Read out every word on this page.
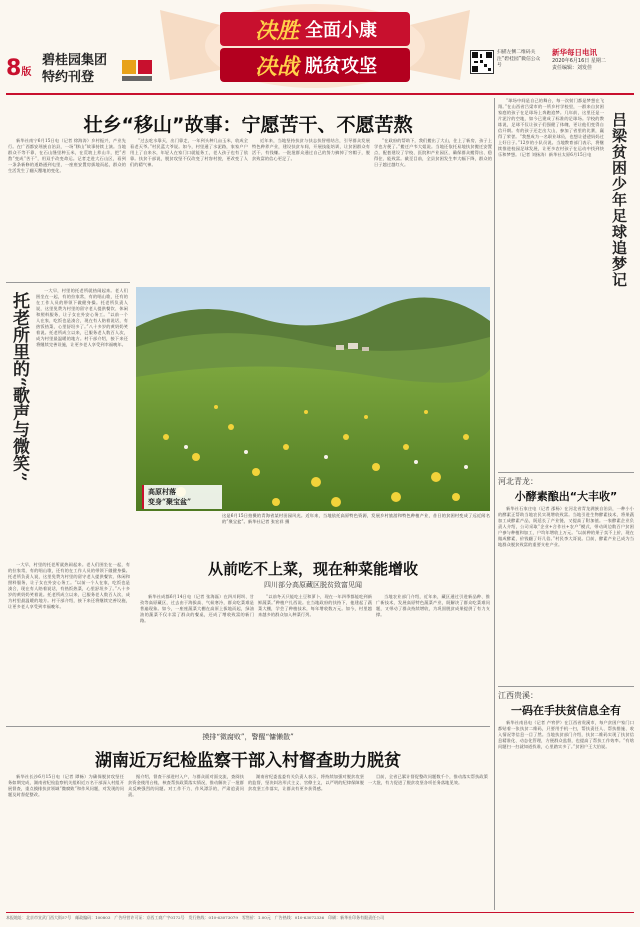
8版
碧桂园集团
特约刊登
决胜 全面小康
决战 脱贫攻坚
扫描左侧二维码关注“碧桂园”微信公众号
新华每日电讯
2020年6月16日 星期二
责任编辑：刘发佳
壮乡“移山”故事：宁愿苦干、不愿苦熬

新华社南宁6月15日电（记者 徐海涛）乡村振兴，产业先行。在广西都安瑶族自治县，一场“移山”故事持续上演。当地群众不等不靠，在石山缝里种玉米，在荒坡上养山羊，把“苦熬”变成“苦干”，用双手改变命运。记者走进大石山区，看到一条条新修的道路通到屯里，一座座安置房拔地而起，群众的生活发生了翻天覆地的变化。

“过去吃水靠天，出门靠走，一年到头种几亩玉米，收成全看老天爷。”村民蓝大爷说。如今，村里通了水泥路，家家户户用上了自来水，年轻人在家门口就能务工，老人孩子也有了依靠。扶贫干部说，脱贫攻坚不仅改变了村容村貌，更改变了人们的精气神。

近年来，当地坚持扶贫与扶志扶智相结合，引导群众发展特色种养产业，建设扶贫车间，开展技能培训，让贫困群众有活干、有钱赚。一批批群众通过自己的努力摘掉了穷帽子，脱贫致富的信心更足了。

“在政府的帮助下，我们搬出了大山，住上了新房，孩子上学也方便了。”搬迁户韦大姐说。当地还依托易地扶贫搬迁安置点，配套建设了学校、医院和产业园区，确保群众搬得出、稳得住、能致富。截至目前，全县贫困发生率大幅下降，群众的日子越过越红火。

托老所里的“歌声与微笑”

一大早，村里的托老所就热闹起来。老人们围坐在一起，有的拉家常，有的唱山歌，还有的在工作人员的带领下做健身操。托老所负责人说，这里免费为村里的留守老人提供餐饮、休闲和照料服务，让子女在外安心务工。“以前一个人在家，吃饭也是凑合，现在有人陪着说话，有热饭热菜，心里舒坦多了。”八十多岁的黄奶奶笑着说。托老所成立以来，已服务老人数百人次，成为村里最温暖的地方。村干部介绍，接下来还将继续完善设施，让更多老人享受到幸福晚年。

高原村落
变身“聚宝盆”
这是6月15日拍摄的青海省某村田园风光。近年来，当地依托高原特色资源，发展乡村旅游和特色种植产业，昔日的贫困村变成了远近闻名的“聚宝盆”。新华社记者 张宏祥 摄
从前吃不上菜，现在种菜能增收
四川部分高原藏区脱贫致富见闻

新华社成都6月14日电（记者 张海磊）在四川阿坝、甘孜等高原藏区，过去由于海拔高、气候寒冷，群众吃菜难是普遍现象。如今，一座座蔬菜大棚在高原上拔地而起，绿油油的蔬菜不仅丰富了群众的餐桌，还成了增收致富的新门路。

“以前冬天只能吃土豆和萝卜，现在一年四季都能吃到新鲜蔬菜。”种植户扎西说。在当地政府的扶持下，他建起了蔬菜大棚，学会了种植技术，每年增收数万元。如今，村里越来越多的群众加入种菜行列。

当地农业部门介绍，近年来，藏区通过引进新品种、推广新技术，发展高原特色蔬菜产业，既解决了群众吃菜难问题，又带动了群众持续增收，为巩固脱贫成果提供了有力支撑。

一大早，村里的托老所就热闹起来。老人们围坐在一起，有的拉家常，有的唱山歌，还有的在工作人员的带领下做健身操。托老所负责人说，这里免费为村里的留守老人提供餐饮、休闲和照料服务，让子女在外安心务工。“以前一个人在家，吃饭也是凑合，现在有人陪着说话，有热饭热菜，心里舒坦多了。”八十多岁的黄奶奶笑着说。托老所成立以来，已服务老人数百人次，成为村里最温暖的地方。村干部介绍，接下来还将继续完善设施，让更多老人享受到幸福晚年。

摸排“微腐败”，警醒“慵懒散”
湖南近万纪检监察干部入村督查助力脱贫

新华社长沙6月15日电（记者 谭畅）为确保脱贫攻坚任务如期完成，湖南省纪检监察机关组织近万名干部深入村组开展督查，重点摸排扶贫领域“微腐败”和作风问题，对发现的问题及时督促整改。

据介绍，督查干部进村入户，与群众面对面交流，查阅扶贫资金使用台账，核查帮扶政策落实情况，推动解决了一批群众反映强烈的问题。对工作不力、作风漂浮的，严肃追责问责。

湖南省纪委监委有关负责人表示，将持续加强对脱贫攻坚的监督，坚决纠治形式主义、官僚主义，以严明的纪律保障脱贫攻坚工作落实，让群众有更多获得感。

目前，全省已累计督促整改问题数千个，推动落实帮扶政策一大批，有力促进了脱贫攻坚各项任务落地见效。

“球场中间是自己的舞台，每一次射门都是梦想在飞翔。”在山西省吕梁市的一所乡村学校里，一群来自贫困家庭的孩子在足球场上奔跑追梦。几年前，这里还是一片泥泞的空地，如今已建成了标准的足球场。学校的教练说，足球不仅让孩子们强健了体魄，更让他们变得自信开朗。有的孩子还走出大山，参加了省里的比赛，赢得了荣誉。“我想成为一名职业球员，也想让爸爸妈妈过上好日子。”12岁的小队员说。当地教育部门表示，将继续推进校园足球发展，让更多农村孩子在运动中找到快乐和梦想。（记者 刘扬涛）新华社太原6月15日电	吕梁贫困少年足球追梦记
河北青龙：
小酵素酿出“大丰收”

新华社石家庄电（记者 邵杨）在河北省青龙满族自治县，一种小小的酵素正帮助当地农民实现增收致富。当地引进生物酵素技术，将果蔬加工成酵素产品，既延长了产业链，又提高了附加值。一家酵素企业负责人介绍，公司采取“企业+合作社+农户”模式，带动周边数百户贫困户参与种植和加工，户均年增收上万元。“以前种的果子卖不上价，现在做成酵素，价钱翻了好几倍。”村民李大哥说。目前，酵素产业已成为当地群众脱贫致富的重要支柱产业。

江西贵溪：
一码在手扶贫信息全有

新华社南昌电（记者 卢宥伊）在江西省贵溪市，每户贫困户家门口都贴着一张扶贫二维码，只要用手机一扫，帮扶责任人、帮扶措施、收入情况等信息一目了然。当地扶贫部门介绍，扶贫二维码实现了扶贫信息精准化、动态化管理，方便群众监督，也提高了帮扶工作效率。“有啥问题扫一扫就知道找谁，心里踏实多了。”贫困户王大伯说。

本报地址：北京市宣武门西大街57号　邮政编码：100803　广告经营许可证：京西工商广字0172号　发行热线：010-63073079　零售价：1.00元　广告热线：010-63072336　印刷：新华社印务有限责任公司
